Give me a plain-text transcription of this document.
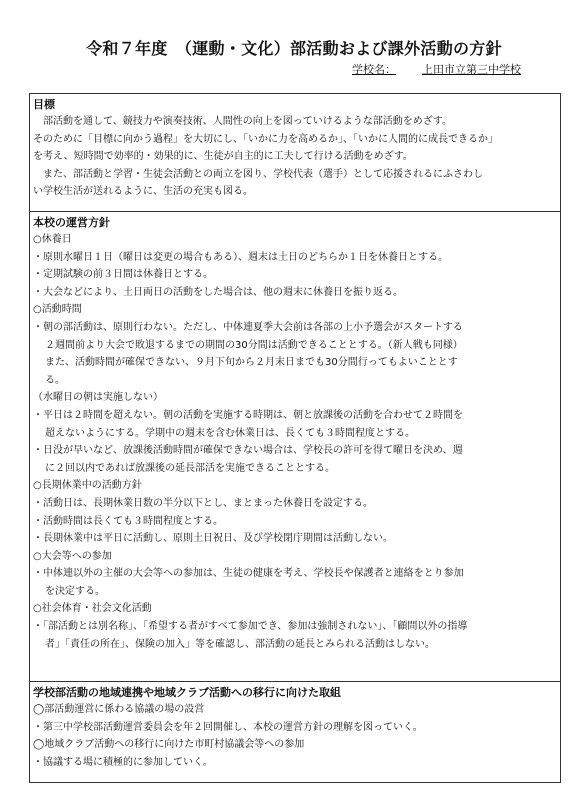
令和７年度　（運動・文化）部活動および課外活動の方針
学校名： 上田市立第三中学校
目標
部活動を通して、競技力や演奏技術、人間性の向上を図っていけるような部活動をめざす。
そのために「目標に向かう過程」を大切にし、「いかに力を高めるか」、「いかに人間的に成長できるか」
を考え、短時間で効率的・効果的に、生徒が自主的に工夫して行ける活動をめざす。
また、部活動と学習・生徒会活動との両立を図り、学校代表（選手）として応援されるにふさわし
い学校生活が送れるように、生活の充実も図る。
本校の運営方針
○休養日
・原則水曜日１日（曜日は変更の場合もある）、週末は土日のどちらか１日を休養日とする。
・定期試験の前３日間は休養日とする。
・大会などにより、土日両日の活動をした場合は、他の週末に休養日を振り返る。
○活動時間
・朝の部活動は、原則行わない。ただし、中体連夏季大会前は各部の上小予選会がスタートする
２週間前より大会で敗退するまでの期間の30分間は活動できることとする。（新人戦も同様）
また、活動時間が確保できない、９月下旬から２月末日までも30分間行ってもよいこととす
る。
（水曜日の朝は実施しない）
・平日は２時間を超えない。朝の活動を実施する時期は、朝と放課後の活動を合わせて２時間を
超えないようにする。学期中の週末を含む休業日は、長くても３時間程度とする。
・日没が早いなど、放課後活動時間が確保できない場合は、学校長の許可を得て曜日を決め、週
に２回以内であれば放課後の延長部活を実施できることとする。
○長期休業中の活動方針
・活動日は、長期休業日数の半分以下とし、まとまった休養日を設定する。
・活動時間は長くても３時間程度とする。
・長期休業中は平日に活動し、原則土日祝日、及び学校閉庁期間は活動しない。
○大会等への参加
・中体連以外の主催の大会等への参加は、生徒の健康を考え、学校長や保護者と連絡をとり参加
を決定する。
○社会体育・社会文化活動
・「部活動とは別名称」、「希望する者がすべて参加でき、参加は強制されない」、「顧問以外の指導
者」「責任の所在」、保険の加入」等を確認し、部活動の延長とみられる活動はしない。
学校部活動の地域連携や地域クラブ活動への移行に向けた取組
◯部活動運営に係わる協議の場の設営
・第三中学校部活動運営委員会を年２回開催し、本校の運営方針の理解を図っていく。
◯地域クラブ活動への移行に向けた市町村協議会等への参加
・協議する場に積極的に参加していく。
